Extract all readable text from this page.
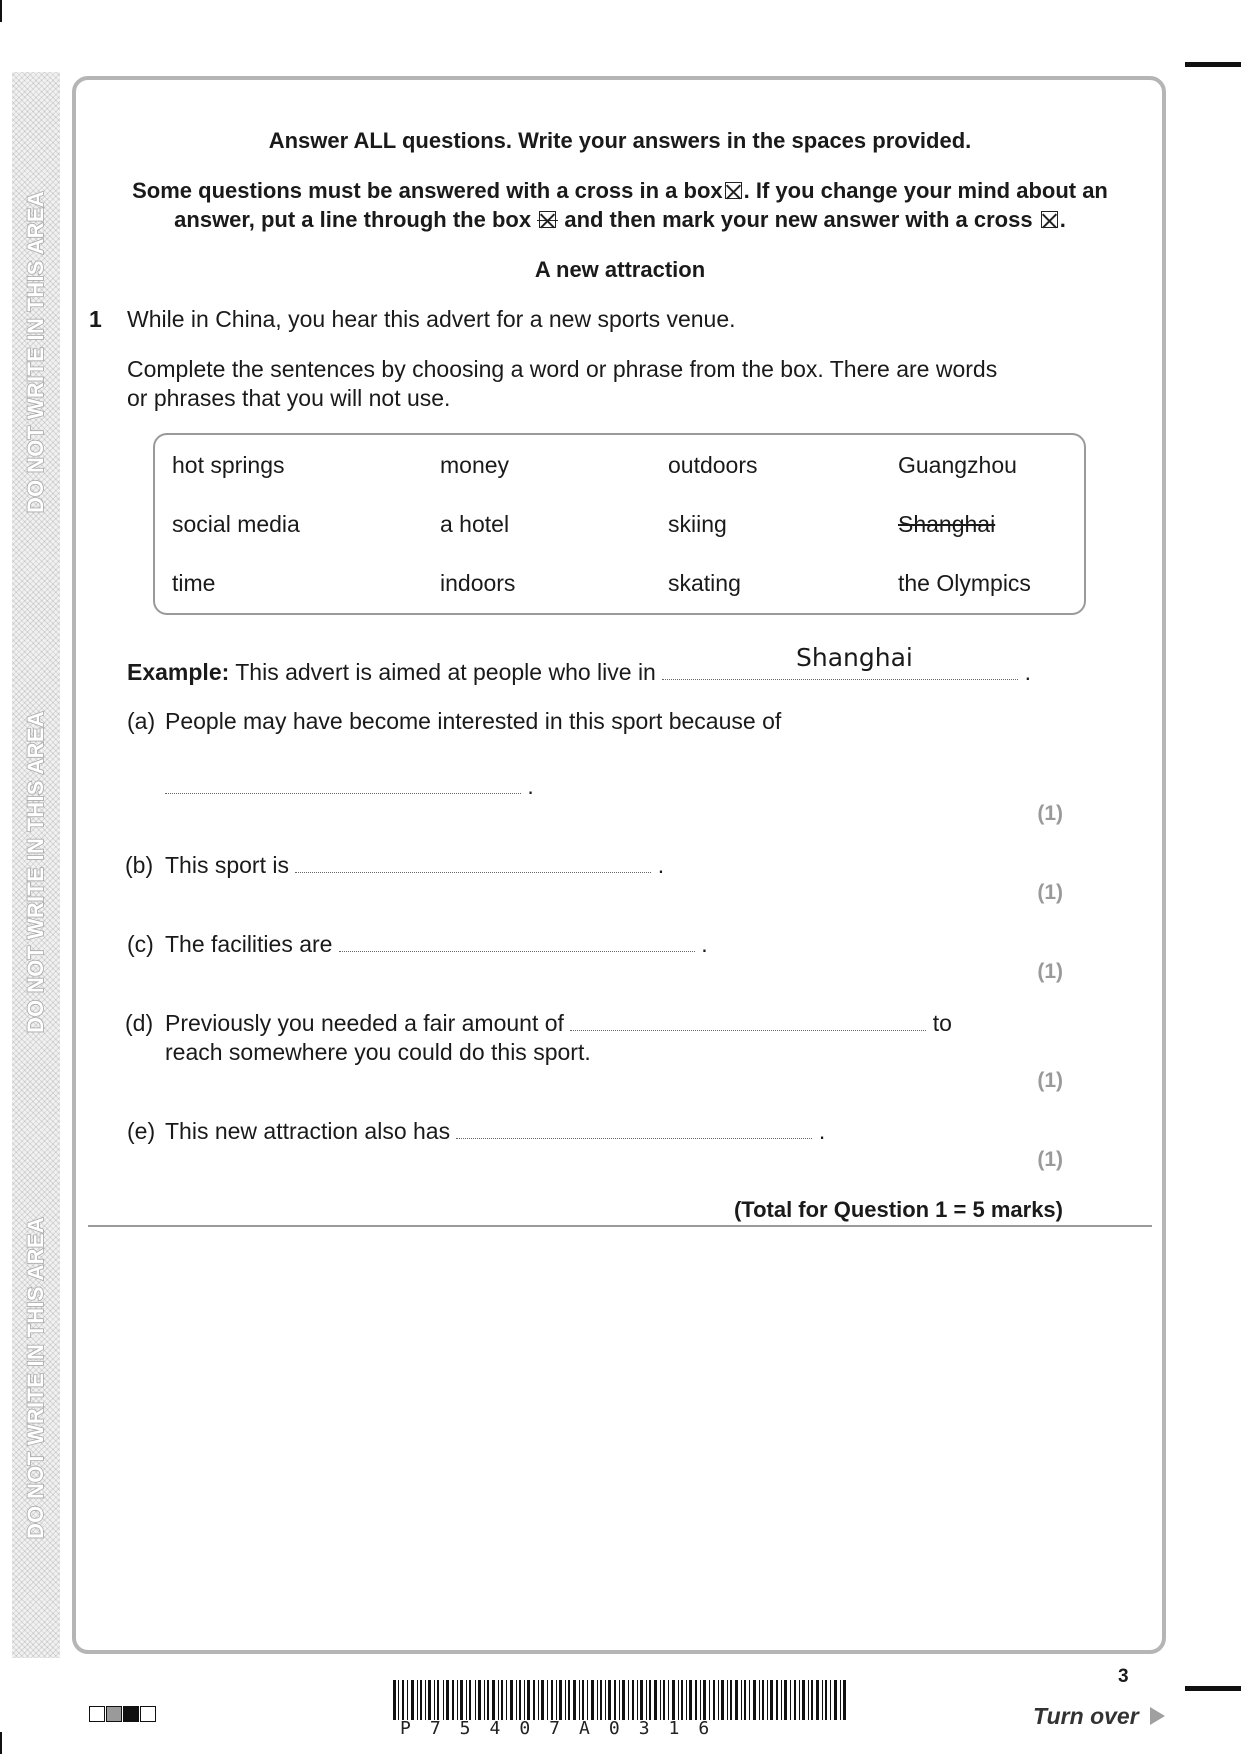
DO NOT WRITE IN THIS AREA
DO NOT WRITE IN THIS AREA
DO NOT WRITE IN THIS AREA
Answer ALL questions. Write your answers in the spaces provided.
Some questions must be answered with a cross in a box ☒ . If you change your mind about an
answer, put a line through the box and then mark your new answer with a cross ☒ .
A new attraction
1 While in China, you hear this advert for a new sports venue.
Complete the sentences by choosing a word or phrase from the box. There are words
or phrases that you will not use.
hot springs	money	outdoors	Guangzhou
social media	a hotel	skiing	Shanghai
time	indoors	skating	the Olympics
Example: This advert is aimed at people who live in	.
Shanghai
(a) People may have become interested in this sport because of
.
(1)
(b) This sport is	.
(1)
(c) The facilities are	.
(1)
(d) Previously you needed a fair amount of	to
reach somewhere you could do this sport.
(1)
(e) This new attraction also has	.
(1)
(Total for Question 1 = 5 marks)
P75407A0316
3
Turn over
